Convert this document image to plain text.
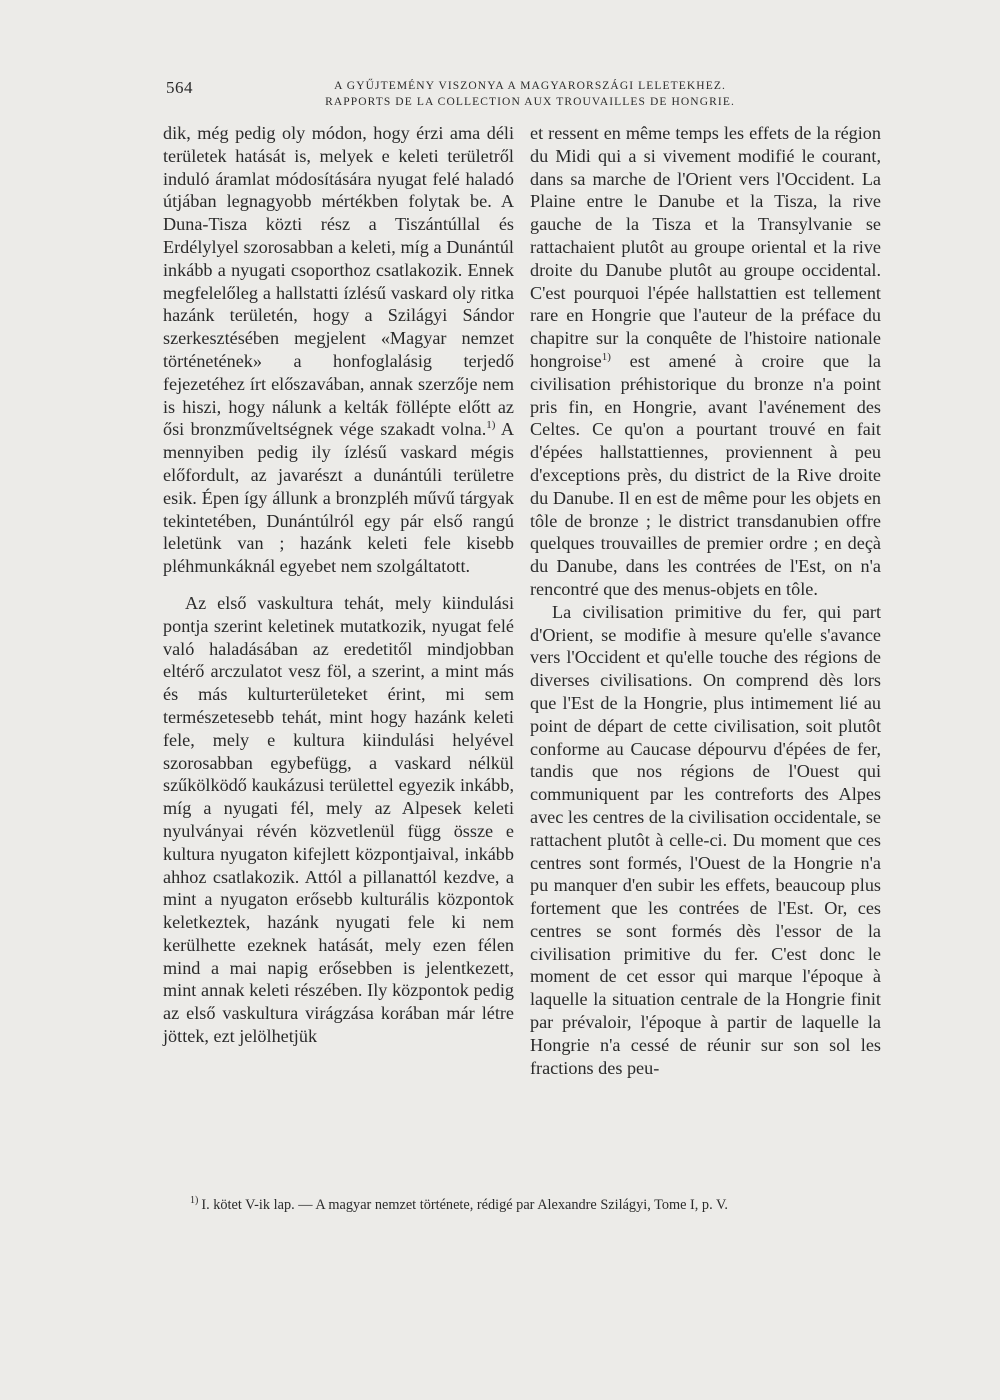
564	A GYŰJTEMÉNY VISZONYA A MAGYARORSZÁGI LELETEKHEZ.
RAPPORTS DE LA COLLECTION AUX TROUVAILLES DE HONGRIE.

dik, még pedig oly módon, hogy érzi ama déli területek hatását is, melyek e keleti területről induló áramlat módosítására nyugat felé haladó útjában legnagyobb mértékben folytak be. A Duna-Tisza közti rész a Tiszántúllal és Erdélylyel szorosabban a keleti, míg a Dunántúl inkább a nyugati csoporthoz csatlakozik. Ennek megfelelőleg a hallstatti ízlésű vaskard oly ritka hazánk területén, hogy a Szilágyi Sándor szerkesztésében megjelent «Magyar nemzet történetének» a honfoglalásig terjedő fejezetéhez írt előszavában, annak szerzője nem is hiszi, hogy nálunk a kelták föllépte előtt az ősi bronzműveltségnek vége szakadt volna.$^{1)}$ A mennyiben pedig ily ízlésű vaskard mégis előfordult, az javarészt a dunántúli területre esik. Épen így állunk a bronzpléh művű tárgyak tekintetében, Dunántúlról egy pár első rangú leletünk van ; hazánk keleti fele kisebb pléhmunkáknál egyebet nem szolgáltatott.

Az első vaskultura tehát, mely kiindulási pontja szerint keletinek mutatkozik, nyugat felé való haladásában az eredetitől mindjobban eltérő arczulatot vesz föl, a szerint, a mint más és más kulturterületeket érint, mi sem természetesebb tehát, mint hogy hazánk keleti fele, mely e kultura kiindulási helyével szorosabban egybefügg, a vaskard nélkül szűkölködő kaukázusi területtel egyezik inkább, míg a nyugati fél, mely az Alpesek keleti nyulványai révén közvetlenül függ össze e kultura nyugaton kifejlett központjaival, inkább ahhoz csatlakozik. Attól a pillanattól kezdve, a mint a nyugaton erősebb kulturális központok keletkeztek, hazánk nyugati fele ki nem kerülhette ezeknek hatását, mely ezen félen mind a mai napig erősebben is jelentkezett, mint annak keleti részében. Ily központok pedig az első vaskultura virágzása korában már létre jöttek, ezt jelölhetjük

et ressent en même temps les effets de la région du Midi qui a si vivement modifié le courant, dans sa marche de l'Orient vers l'Occident. La Plaine entre le Danube et la Tisza, la rive gauche de la Tisza et la Transylvanie se rattachaient plutôt au groupe oriental et la rive droite du Danube plutôt au groupe occidental. C'est pourquoi l'épée hallstattien est tellement rare en Hongrie que l'auteur de la préface du chapitre sur la conquête de l'histoire nationale hongroise$^{1)}$ est amené à croire que la civilisation préhistorique du bronze n'a point pris fin, en Hongrie, avant l'avénement des Celtes. Ce qu'on a pourtant trouvé en fait d'épées hallstattiennes, proviennent à peu d'exceptions près, du district de la Rive droite du Danube. Il en est de même pour les objets en tôle de bronze ; le district transdanubien offre quelques trouvailles de premier ordre ; en deçà du Danube, dans les contrées de l'Est, on n'a rencontré que des menus-objets en tôle.

La civilisation primitive du fer, qui part d'Orient, se modifie à mesure qu'elle s'avance vers l'Occident et qu'elle touche des régions de diverses civilisations. On comprend dès lors que l'Est de la Hongrie, plus intimement lié au point de départ de cette civilisation, soit plutôt conforme au Caucase dépourvu d'épées de fer, tandis que nos régions de l'Ouest qui communiquent par les contreforts des Alpes avec les centres de la civilisation occidentale, se rattachent plutôt à celle-ci. Du moment que ces centres sont formés, l'Ouest de la Hongrie n'a pu manquer d'en subir les effets, beaucoup plus fortement que les contrées de l'Est. Or, ces centres se sont formés dès l'essor de la civilisation primitive du fer. C'est donc le moment de cet essor qui marque l'époque à laquelle la situation centrale de la Hongrie finit par prévaloir, l'époque à partir de laquelle la Hongrie n'a cessé de réunir sur son sol les fractions des peu-

$^{1)}$ I. kötet V-ik lap. — A magyar nemzet története, rédigé par Alexandre Szilágyi, Tome I, p. V.
